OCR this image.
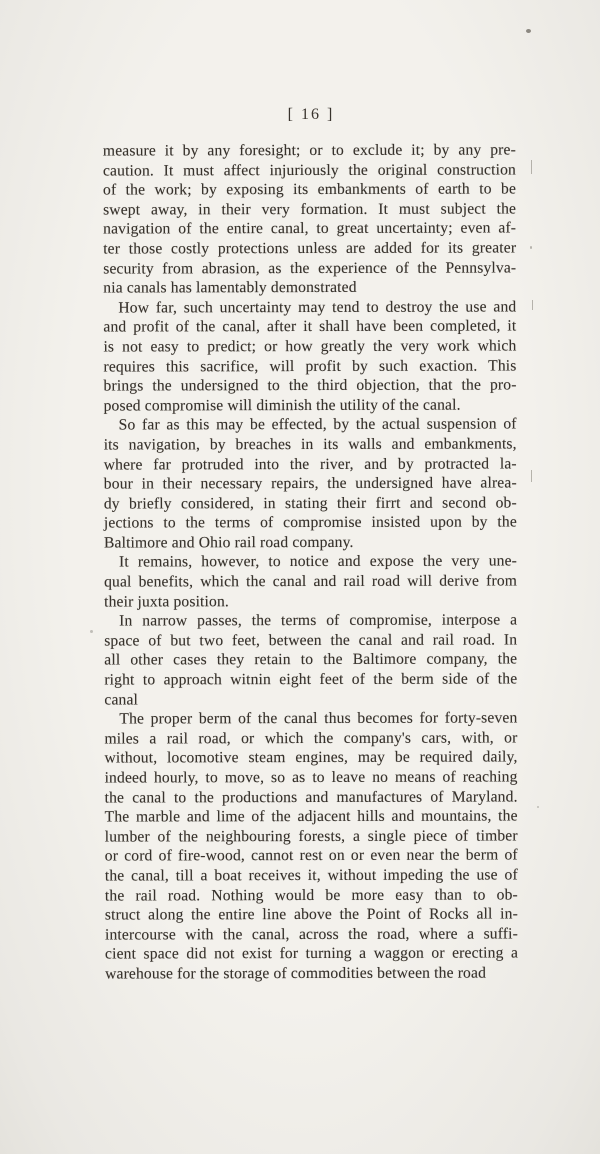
[ 16 ]
measure it by any foresight; or to exclude it; by any pre-
caution. It must affect injuriously the original construction
of the work; by exposing its embankments of earth to be
swept away, in their very formation. It must subject the
navigation of the entire canal, to great uncertainty; even af-
ter those costly protections unless are added for its greater
security from abrasion, as the experience of the Pennsylva-
nia canals has lamentably demonstrated
How far, such uncertainty may tend to destroy the use and
and profit of the canal, after it shall have been completed, it
is not easy to predict; or how greatly the very work which
requires this sacrifice, will profit by such exaction. This
brings the undersigned to the third objection, that the pro-
posed compromise will diminish the utility of the canal.
So far as this may be effected, by the actual suspension of
its navigation, by breaches in its walls and embankments,
where far protruded into the river, and by protracted la-
bour in their necessary repairs, the undersigned have alrea-
dy briefly considered, in stating their firrt and second ob-
jections to the terms of compromise insisted upon by the
Baltimore and Ohio rail road company.
It remains, however, to notice and expose the very une-
qual benefits, which the canal and rail road will derive from
their juxta position.
In narrow passes, the terms of compromise, interpose a
space of but two feet, between the canal and rail road. In
all other cases they retain to the Baltimore company, the
right to approach witnin eight feet of the berm side of the
canal
The proper berm of the canal thus becomes for forty-seven
miles a rail road, or which the company's cars, with, or
without, locomotive steam engines, may be required daily,
indeed hourly, to move, so as to leave no means of reaching
the canal to the productions and manufactures of Maryland.
The marble and lime of the adjacent hills and mountains, the
lumber of the neighbouring forests, a single piece of timber
or cord of fire-wood, cannot rest on or even near the berm of
the canal, till a boat receives it, without impeding the use of
the rail road. Nothing would be more easy than to ob-
struct along the entire line above the Point of Rocks all in-
intercourse with the canal, across the road, where a suffi-
cient space did not exist for turning a waggon or erecting a
warehouse for the storage of commodities between the road
